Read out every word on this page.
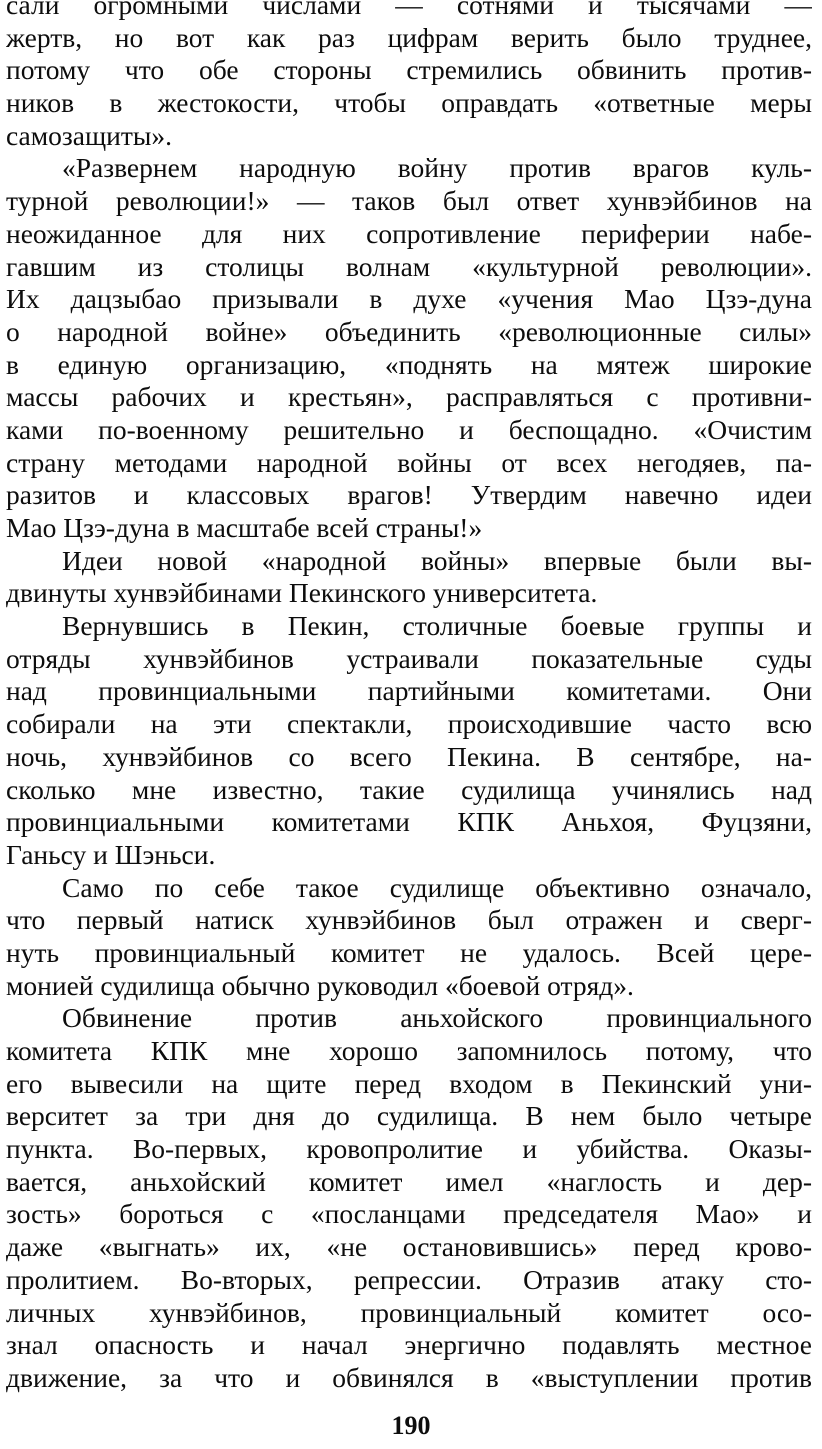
сали огромными числами — сотнями и тысячами —
жертв, но вот как раз цифрам верить было труднее,
потому что обе стороны стремились обвинить против-
ников в жестокости, чтобы оправдать «ответные меры
самозащиты».
«Развернем народную войну против врагов куль-
турной революции!» — таков был ответ хунвэйбинов на
неожиданное для них сопротивление периферии набе-
гавшим из столицы волнам «культурной революции».
Их дацзыбао призывали в духе «учения Мао Цзэ-дуна
о народной войне» объединить «революционные силы»
в единую организацию, «поднять на мятеж широкие
массы рабочих и крестьян», расправляться с противни-
ками по-военному решительно и беспощадно. «Очистим
страну методами народной войны от всех негодяев, па-
разитов и классовых врагов! Утвердим навечно идеи
Мао Цзэ-дуна в масштабе всей страны!»
Идеи новой «народной войны» впервые были вы-
двинуты хунвэйбинами Пекинского университета.
Вернувшись в Пекин, столичные боевые группы и
отряды хунвэйбинов устраивали показательные суды
над провинциальными партийными комитетами. Они
собирали на эти спектакли, происходившие часто всю
ночь, хунвэйбинов со всего Пекина. В сентябре, на-
сколько мне известно, такие судилища учинялись над
провинциальными комитетами КПК Аньхоя, Фуцзяни,
Ганьсу и Шэньси.
Само по себе такое судилище объективно означало,
что первый натиск хунвэйбинов был отражен и сверг-
нуть провинциальный комитет не удалось. Всей цере-
монией судилища обычно руководил «боевой отряд».
Обвинение против аньхойского провинциального
комитета КПК мне хорошо запомнилось потому, что
его вывесили на щите перед входом в Пекинский уни-
верситет за три дня до судилища. В нем было четыре
пункта. Во-первых, кровопролитие и убийства. Оказы-
вается, аньхойский комитет имел «наглость и дер-
зость» бороться с «посланцами председателя Мао» и
даже «выгнать» их, «не остановившись» перед крово-
пролитием. Во-вторых, репрессии. Отразив атаку сто-
личных хунвэйбинов, провинциальный комитет осо-
знал опасность и начал энергично подавлять местное
движение, за что и обвинялся в «выступлении против
190
